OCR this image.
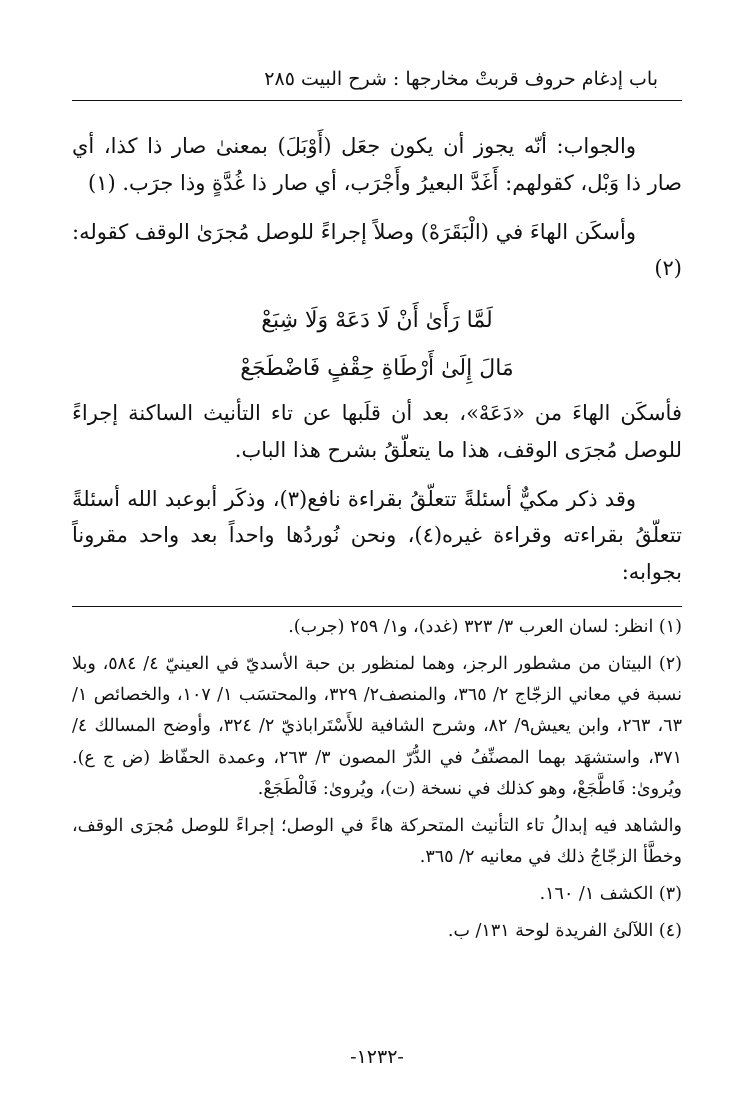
باب إدغام حروف قربتْ مخارجها : شرح البيت ٢٨٥

والجواب: أنّه يجوز أن يكون جعَل (أَوْبَلَ) بمعنىٰ صار ذا كذا، أي صار ذا وَبْل، كقولهم: أَغَدَّ البعيرُ وأَجْرَب، أي صار ذا غُدَّةٍ وذا جرَب. (١)

وأسكَن الهاءَ في (الْبَقَرَهْ) وصلاً إجراءً للوصل مُجرَىٰ الوقف كقوله: (٢)

لَمَّا رَأَىٰ أَنْ لَا دَعَهْ وَلَا شِبَعْ

مَالَ إِلَىٰ أَرْطَاةِ حِقْفٍ فَاضْطَجَعْ

فأسكَن الهاءَ من «دَعَهْ»، بعد أن قلَبها عن تاء التأنيث الساكنة إجراءً للوصل مُجرَى الوقف، هذا ما يتعلّقُ بشرح هذا الباب.

وقد ذكر مكيٌّ أسئلةً تتعلّقُ بقراءة نافع(٣)، وذكَر أبوعبد الله أسئلةً تتعلّقُ بقراءته وقراءة غيره(٤)، ونحن نُوردُها واحداً بعد واحد مقروناً بجوابه:

(١) انظر: لسان العرب ٣/ ٣٢٣ (غدد)، و١/ ٢٥٩ (جرب).

(٢) البيتان من مشطور الرجز، وهما لمنظور بن حبة الأسديّ في العينيّ ٤/ ٥٨٤، وبلا نسبة في معاني الزجّاج ٢/ ٣٦٥، والمنصف٢/ ٣٢٩، والمحتسَب ١/ ١٠٧، والخصائص ١/ ٦٣، ٢٦٣، وابن يعيش٩/ ٨٢، وشرح الشافية للأَسْتَراباذيّ ٢/ ٣٢٤، وأوضح المسالك ٤/ ٣٧١، واستشهَد بهما المصنِّفُ في الدُّرّ المصون ٣/ ٢٦٣، وعمدة الحفّاظ (ض ج ع). ويُروىٰ: فَاطَّجَعْ، وهو كذلك في نسخة (ت)، ويُروىٰ: فَالْطَجَعْ.

والشاهد فيه إبدالُ تاء التأنيث المتحركة هاءً في الوصل؛ إجراءً للوصل مُجرَى الوقف، وخطَّأ الزجّاجُ ذلك في معانيه ٢/ ٣٦٥.

(٣) الكشف ١/ ١٦٠.

(٤) اللآلئ الفريدة لوحة ١٣١/ ب.

-١٢٣٢-
